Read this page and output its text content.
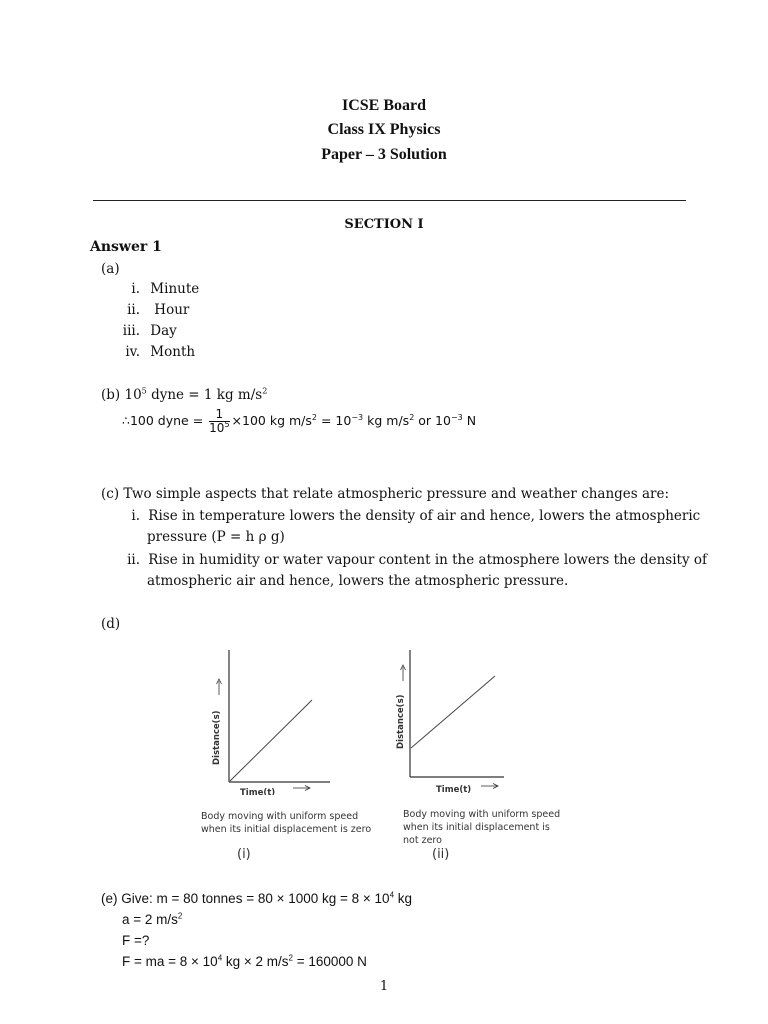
ICSE Board
Class IX Physics
Paper – 3 Solution
SECTION I
Answer 1
(a)
i. Minute
ii. Hour
iii. Day
iv. Month
(b) $10^5$ dyne = 1 kg $m/s^2$
∴100 dyne = $\frac{1}{10^5} \times 100$ kg $m/s^2 = 10^{-3}$ kg $m/s^2$ or $10^{-3}$ N
(c) Two simple aspects that relate atmospheric pressure and weather changes are:
i. Rise in temperature lowers the density of air and hence, lowers the atmospheric
pressure (P = h ρ g)
ii. Rise in humidity or water vapour content in the atmosphere lowers the density of
atmospheric air and hence, lowers the atmospheric pressure.
(d)
Distance(s)
Time(t)
Body moving with uniform speed
when its initial displacement is zero
(i)
Distance(s)
Time(t)
Body moving with uniform speed
when its initial displacement is
not zero
(ii)
(e) Give: m = 80 tonnes = 80 × 1000 kg = $8 \times 10^4$ kg
a = 2 $m/s^2$
F =?
F = ma = $8 \times 10^4$ kg × 2 $m/s^2 = 160000$ N
1
